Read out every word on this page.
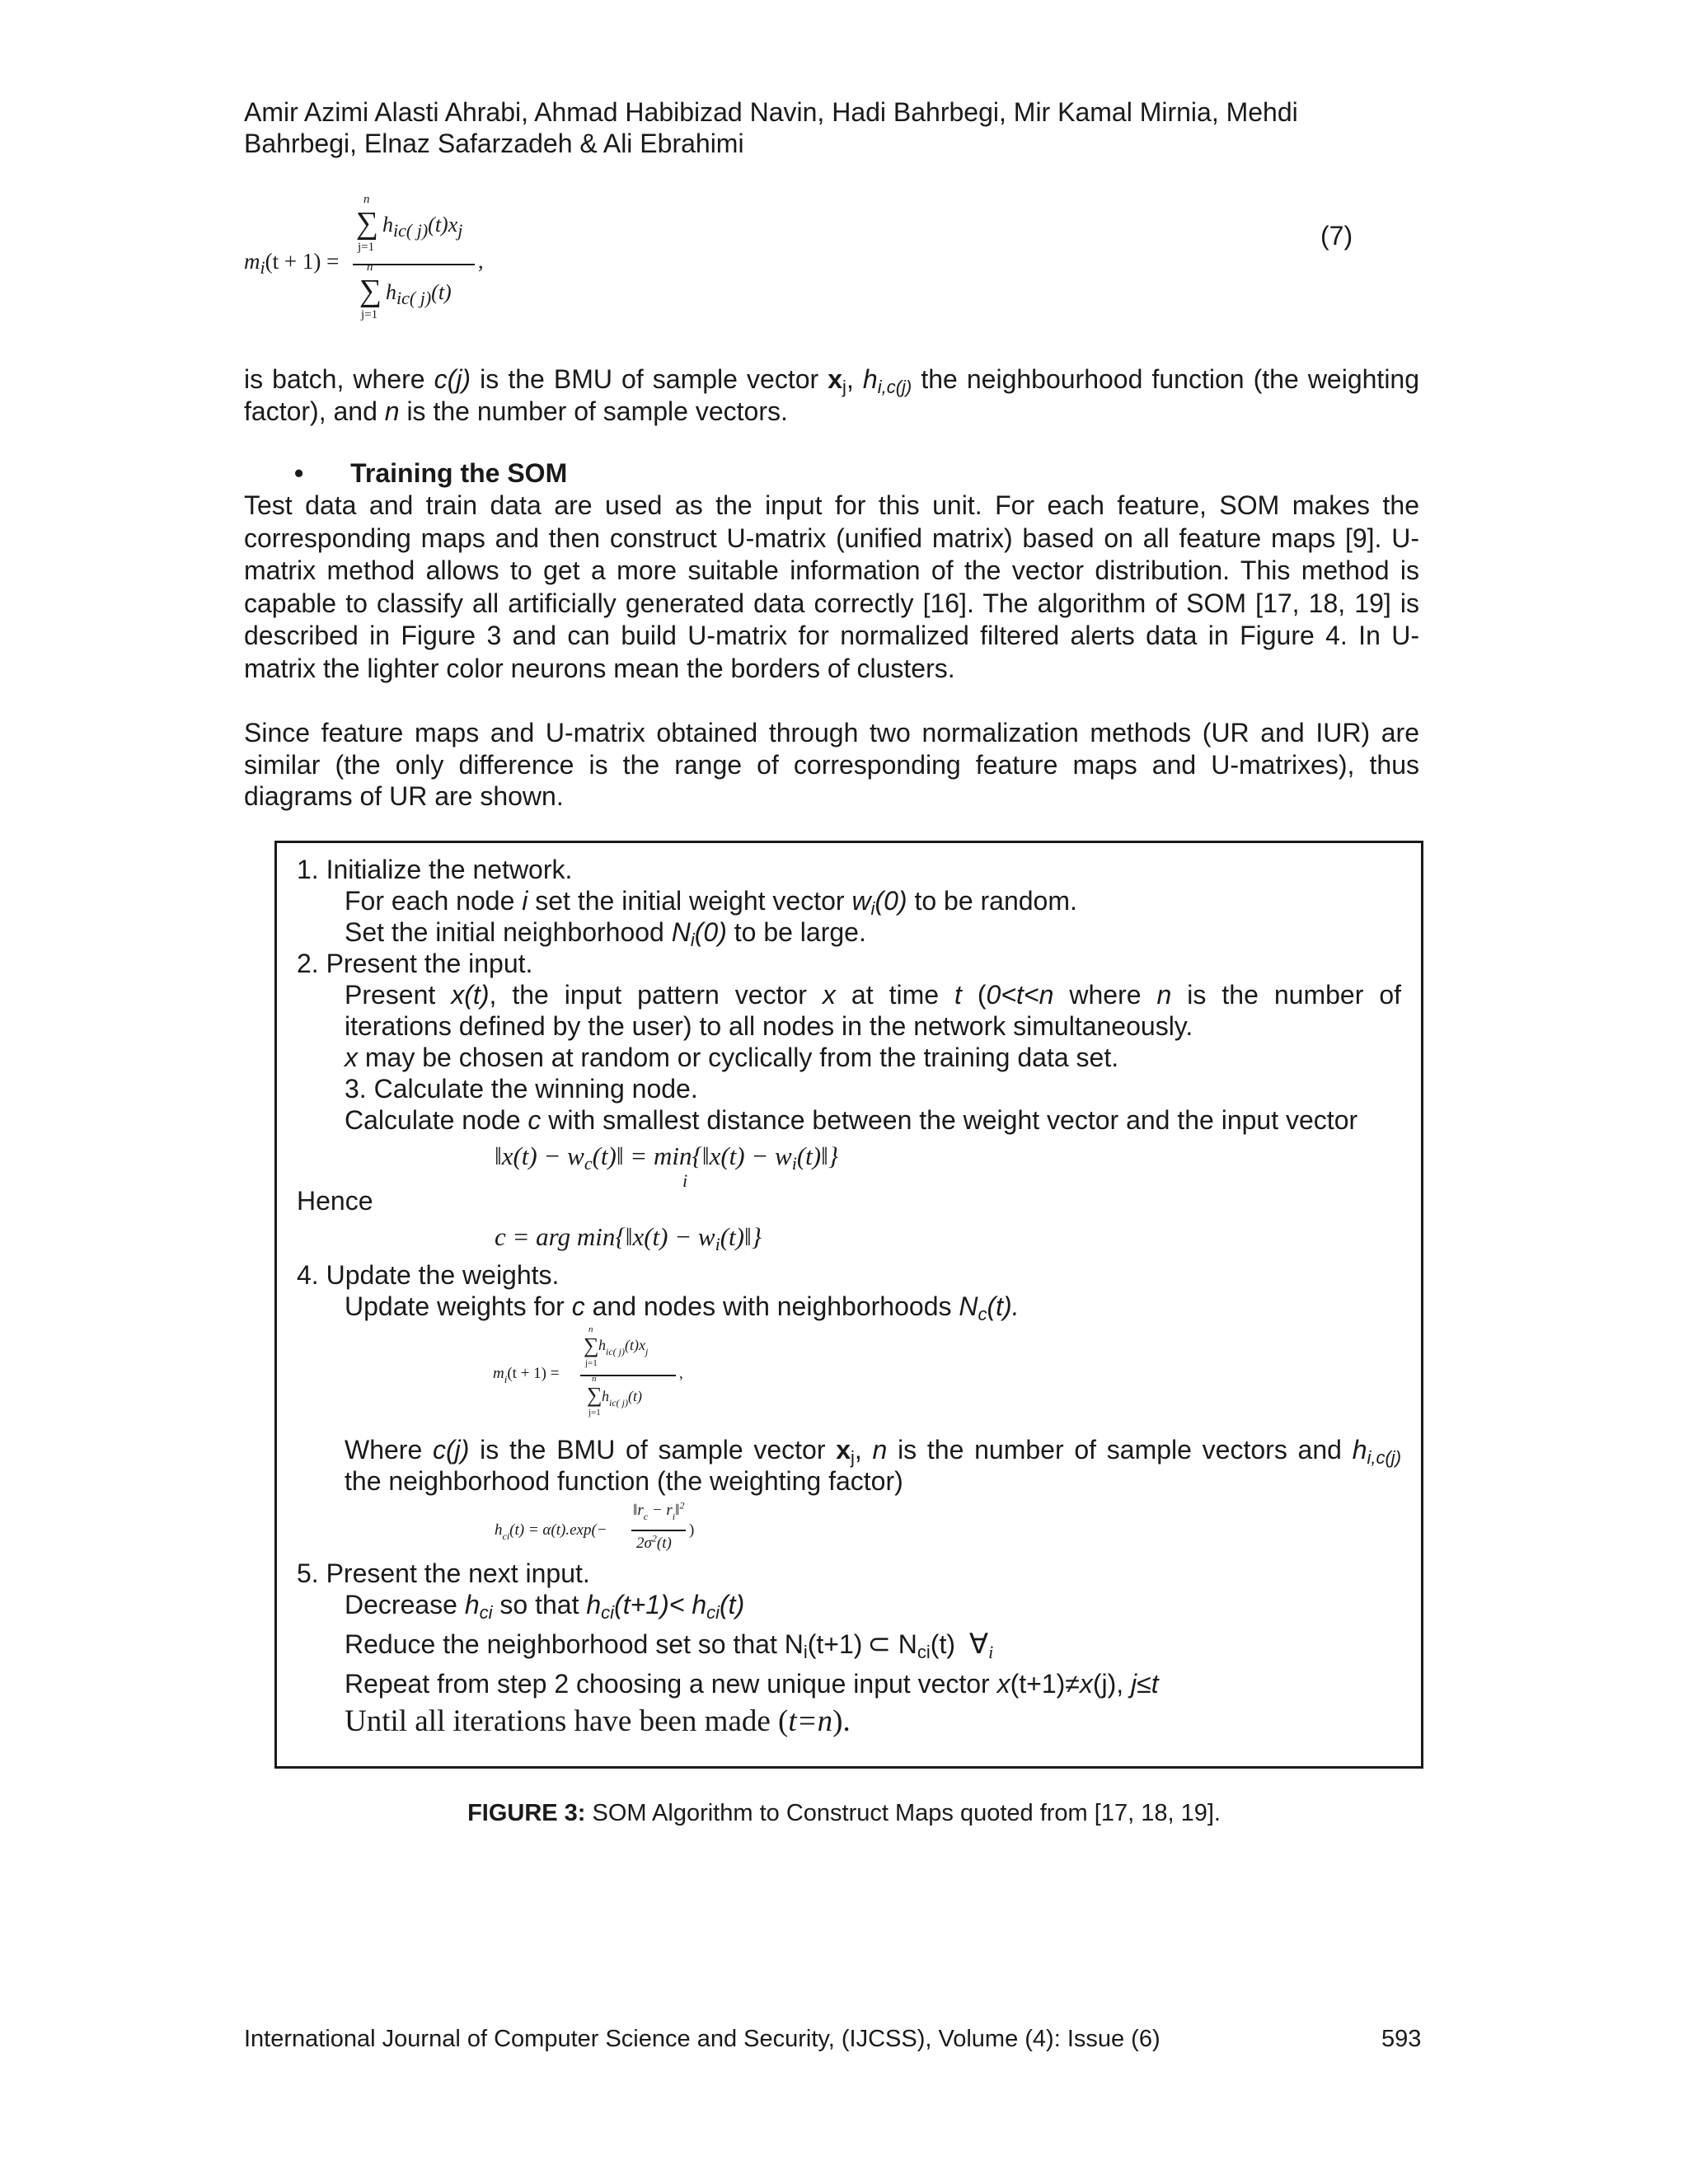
Amir Azimi Alasti Ahrabi, Ahmad Habibizad Navin, Hadi Bahrbegi, Mir Kamal Mirnia, Mehdi
Bahrbegi, Elnaz Safarzadeh & Ali Ebrahimi
$m_i(t + 1)$ =
∑
n
j=1
$h_{ic( j)}(t)x_j$
,
∑
n
j=1
$h_{ic( j)}(t)$
(7)
is batch, where c(j) is the BMU of sample vector $x_j$, $h_{i,c(j)}$ the neighbourhood function (the weighting factor), and n is the number of sample vectors.
• Training the SOM
Test data and train data are used as the input for this unit. For each feature, SOM makes the corresponding maps and then construct U-matrix (unified matrix) based on all feature maps [9]. U-matrix method allows to get a more suitable information of the vector distribution. This method is capable to classify all artificially generated data correctly [16]. The algorithm of SOM [17, 18, 19] is described in Figure 3 and can build U-matrix for normalized filtered alerts data in Figure 4. In U-matrix the lighter color neurons mean the borders of clusters.
Since feature maps and U-matrix obtained through two normalization methods (UR and IUR) are similar (the only difference is the range of corresponding feature maps and U-matrixes), thus diagrams of UR are shown.
1. Initialize the network.
For each node i set the initial weight vector $w_i(0)$ to be random.
Set the initial neighborhood $N_i(0)$ to be large.
2. Present the input.
Present x(t), the input pattern vector x at time t (0<t<n where n is the number of
iterations defined by the user) to all nodes in the network simultaneously.
x may be chosen at random or cyclically from the training data set.
3. Calculate the winning node.
Calculate node c with smallest distance between the weight vector and the input vector
‖x(t) − $w_c(t)‖$ = min{‖x(t) − $w_i(t)‖$}
i
Hence
c = arg min{‖x(t) − $w_i(t)‖$}
4. Update the weights.
Update weights for c and nodes with neighborhoods $N_c(t)$.
$m_i(t + 1)$ =
∑
n
j=1
$h_{ic( j)}(t)x_j$
,
∑
n
j=1
$h_{ic( j)}(t)$
Where c(j) is the BMU of sample vector $x_j$, n is the number of sample vectors and $h_{i,c(j)}$
the neighborhood function (the weighting factor)
$h_{ci}(t) = \alpha(t).\exp(-$
$‖r_c$ − $r_i‖^2$
$2\sigma^2(t)$
)
5. Present the next input.
Decrease $h_{ci}$ so that $h_{ci}(t+1)< h_{ci}(t)$
Reduce the neighborhood set so that $N_i(t+1)$ ⊂ $N_{ci}(t)$ $\forall_i$
Repeat from step 2 choosing a new unique input vector x(t+1)≠x(j), j≤t
Until all iterations have been made (t=n).
FIGURE 3: SOM Algorithm to Construct Maps quoted from [17, 18, 19].
International Journal of Computer Science and Security, (IJCSS), Volume (4): Issue (6)	593
